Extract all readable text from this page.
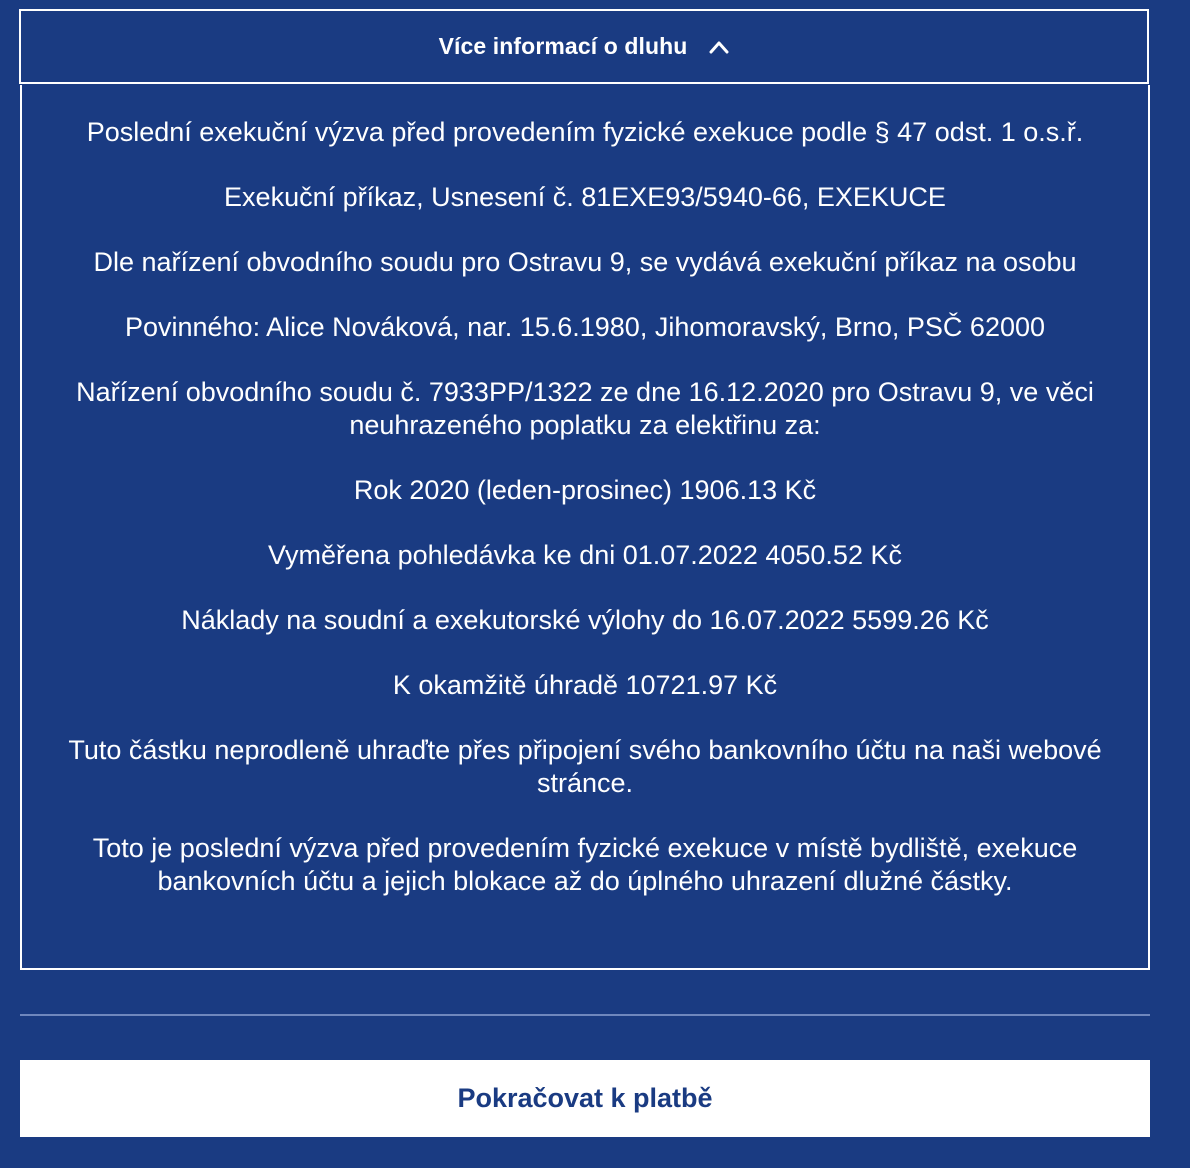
Více informací o dluhu

Poslední exekuční výzva před provedením fyzické exekuce podle § 47 odst. 1 o.s.ř.

Exekuční příkaz, Usnesení č. 81EXE93/5940-66, EXEKUCE

Dle nařízení obvodního soudu pro Ostravu 9, se vydává exekuční příkaz na osobu

Povinného: Alice Nováková, nar. 15.6.1980, Jihomoravský, Brno, PSČ 62000

Nařízení obvodního soudu č. 7933PP/1322 ze dne 16.12.2020 pro Ostravu 9, ve věci neuhrazeného poplatku za elektřinu za:

Rok 2020 (leden-prosinec) 1906.13 Kč

Vyměřena pohledávka ke dni 01.07.2022 4050.52 Kč

Náklady na soudní a exekutorské výlohy do 16.07.2022 5599.26 Kč

K okamžitě úhradě 10721.97 Kč

Tuto částku neprodleně uhraďte přes připojení svého bankovního účtu na naši webové stránce.

Toto je poslední výzva před provedením fyzické exekuce v místě bydliště, exekuce bankovních účtu a jejich blokace až do úplného uhrazení dlužné částky.

Pokračovat k platbě
